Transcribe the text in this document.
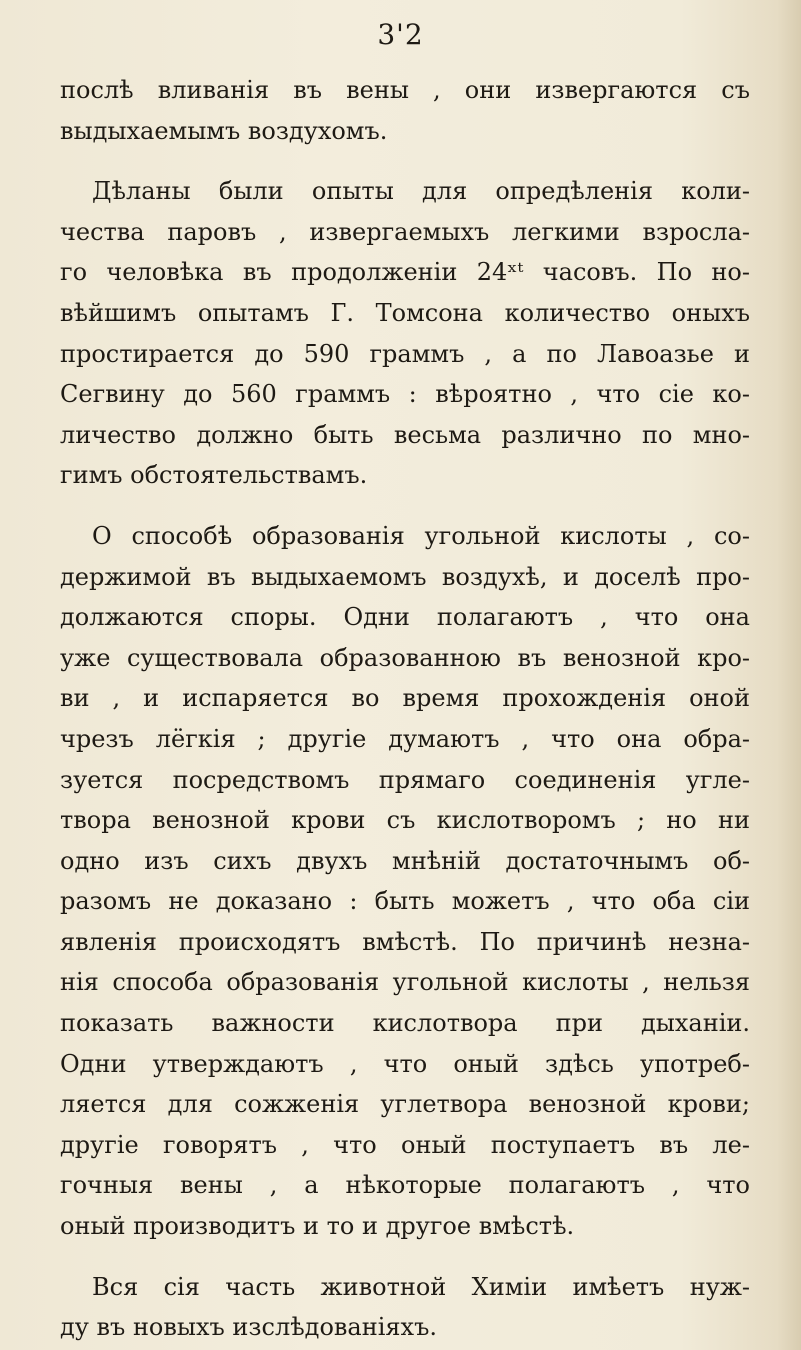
3'2
послѣ вливанія въ вены , они извергаются съ
выдыхаемымъ воздухомъ.
Дѣланы были опыты для опредѣленія коли-
чества паровъ , извергаемыхъ легкими взросла-
го человѣка въ продолженіи 24ˣᵗ часовъ. По но-
вѣйшимъ опытамъ Г. Томсона количество оныхъ
простирается до 590 граммъ , а по Лавоазье и
Сегвину до 560 граммъ : вѣроятно , что сіе ко-
личество должно быть весьма различно по мно-
гимъ обстоятельствамъ.
О способѣ образованія угольной кислоты , со-
держимой въ выдыхаемомъ воздухѣ, и доселѣ про-
должаются споры. Одни полагаютъ , что она
уже существовала образованною въ венозной кро-
ви , и испаряется во время прохожденія оной
чрезъ лёгкія ; другіе думаютъ , что она обра-
зуется посредствомъ прямаго соединенія угле-
твора венозной крови съ кислотворомъ ; но ни
одно изъ сихъ двухъ мнѣній достаточнымъ об-
разомъ не доказано : быть можетъ , что оба сіи
явленія происходятъ вмѣстѣ. По причинѣ незна-
нія способа образованія угольной кислоты , нельзя
показать важности кислотвора при дыханіи.
Одни утверждаютъ , что оный здѣсь употреб-
ляется для сожженія углетвора венозной крови;
другіе говорятъ , что оный поступаетъ въ ле-
гочныя вены , а нѣкоторые полагаютъ , что
оный производитъ и то и другое вмѣстѣ.
Вся сія часть животной Химіи имѣетъ нуж-
ду въ новыхъ изслѣдованіяхъ.
